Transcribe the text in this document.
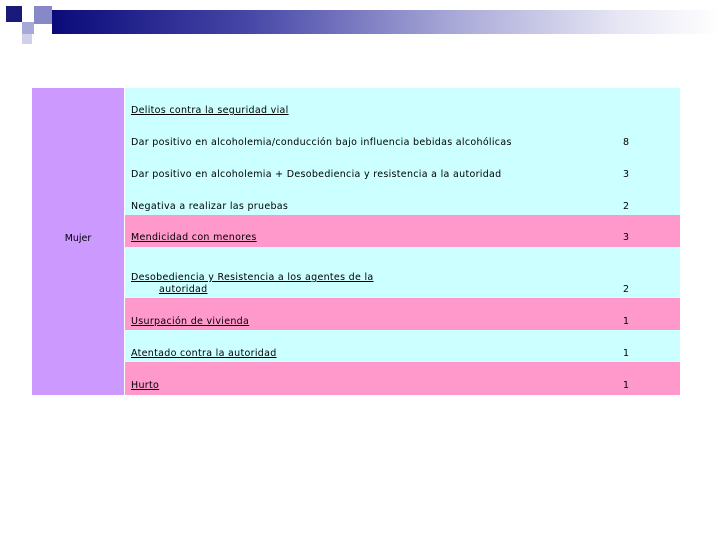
Mujer
Delitos contra la seguridad vial
Dar positivo en alcoholemia/conducción bajo influencia bebidas alcohólicas	8
Dar positivo en alcoholemia + Desobediencia y resistencia a la autoridad	3
Negativa a realizar las pruebas	2
Mendicidad con menores	3
Desobediencia y Resistencia a los agentes de la
autoridad	2
Usurpación de vivienda	1
Atentado contra la autoridad	1
Hurto	1
